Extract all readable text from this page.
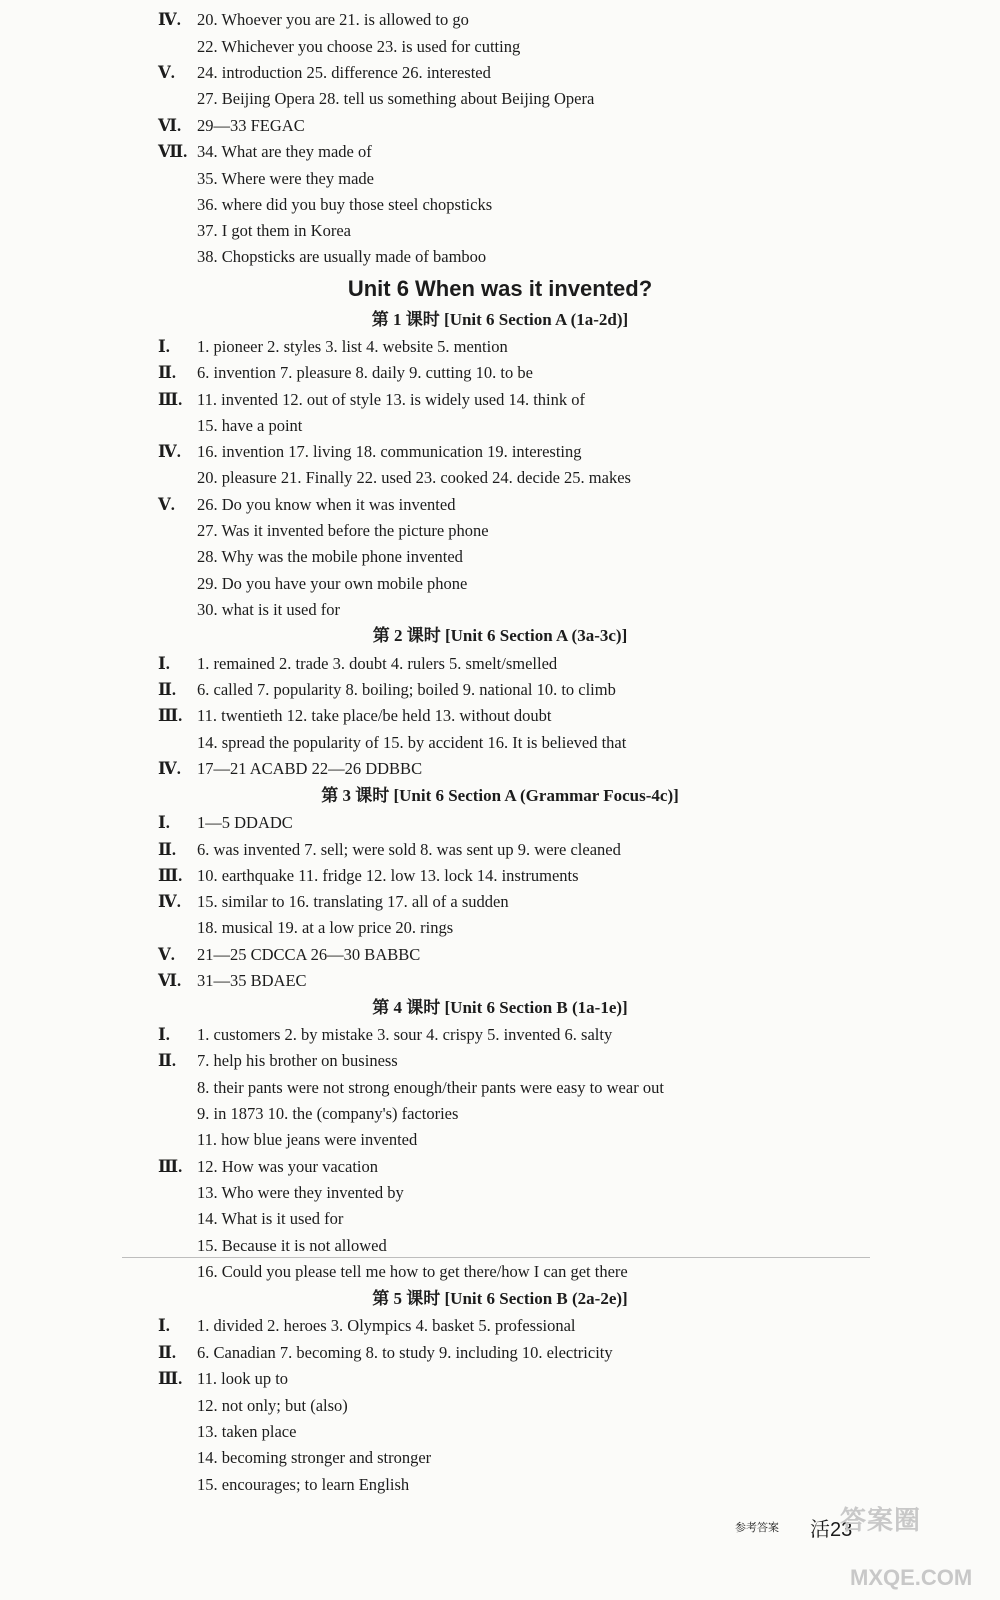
Ⅳ. 20. Whoever you are 21. is allowed to go
22. Whichever you choose 23. is used for cutting
Ⅴ. 24. introduction 25. difference 26. interested
27. Beijing Opera 28. tell us something about Beijing Opera
Ⅵ. 29—33 FEGAC
Ⅶ. 34. What are they made of
35. Where were they made
36. where did you buy those steel chopsticks
37. I got them in Korea
38. Chopsticks are usually made of bamboo
Unit 6 When was it invented?
第 1 课时 [Unit 6 Section A (1a-2d)]
Ⅰ. 1. pioneer 2. styles 3. list 4. website 5. mention
Ⅱ. 6. invention 7. pleasure 8. daily 9. cutting 10. to be
Ⅲ. 11. invented 12. out of style 13. is widely used 14. think of
15. have a point
Ⅳ. 16. invention 17. living 18. communication 19. interesting
20. pleasure 21. Finally 22. used 23. cooked 24. decide 25. makes
Ⅴ. 26. Do you know when it was invented
27. Was it invented before the picture phone
28. Why was the mobile phone invented
29. Do you have your own mobile phone
30. what is it used for
第 2 课时 [Unit 6 Section A (3a-3c)]
Ⅰ. 1. remained 2. trade 3. doubt 4. rulers 5. smelt/smelled
Ⅱ. 6. called 7. popularity 8. boiling; boiled 9. national 10. to climb
Ⅲ. 11. twentieth 12. take place/be held 13. without doubt
14. spread the popularity of 15. by accident 16. It is believed that
Ⅳ. 17—21 ACABD 22—26 DDBBC
第 3 课时 [Unit 6 Section A (Grammar Focus-4c)]
Ⅰ. 1—5 DDADC
Ⅱ. 6. was invented 7. sell; were sold 8. was sent up 9. were cleaned
Ⅲ. 10. earthquake 11. fridge 12. low 13. lock 14. instruments
Ⅳ. 15. similar to 16. translating 17. all of a sudden
18. musical 19. at a low price 20. rings
Ⅴ. 21—25 CDCCA 26—30 BABBC
Ⅵ. 31—35 BDAEC
第 4 课时 [Unit 6 Section B (1a-1e)]
Ⅰ. 1. customers 2. by mistake 3. sour 4. crispy 5. invented 6. salty
Ⅱ. 7. help his brother on business
8. their pants were not strong enough/their pants were easy to wear out
9. in 1873 10. the (company's) factories
11. how blue jeans were invented
Ⅲ. 12. How was your vacation
13. Who were they invented by
14. What is it used for
15. Because it is not allowed
16. Could you please tell me how to get there/how I can get there
第 5 课时 [Unit 6 Section B (2a-2e)]
Ⅰ. 1. divided 2. heroes 3. Olympics 4. basket 5. professional
Ⅱ. 6. Canadian 7. becoming 8. to study 9. including 10. electricity
Ⅲ. 11. look up to
12. not only; but (also)
13. taken place
14. becoming stronger and stronger
15. encourages; to learn English
参考答案 活23
答案圈
MXQE.COM
